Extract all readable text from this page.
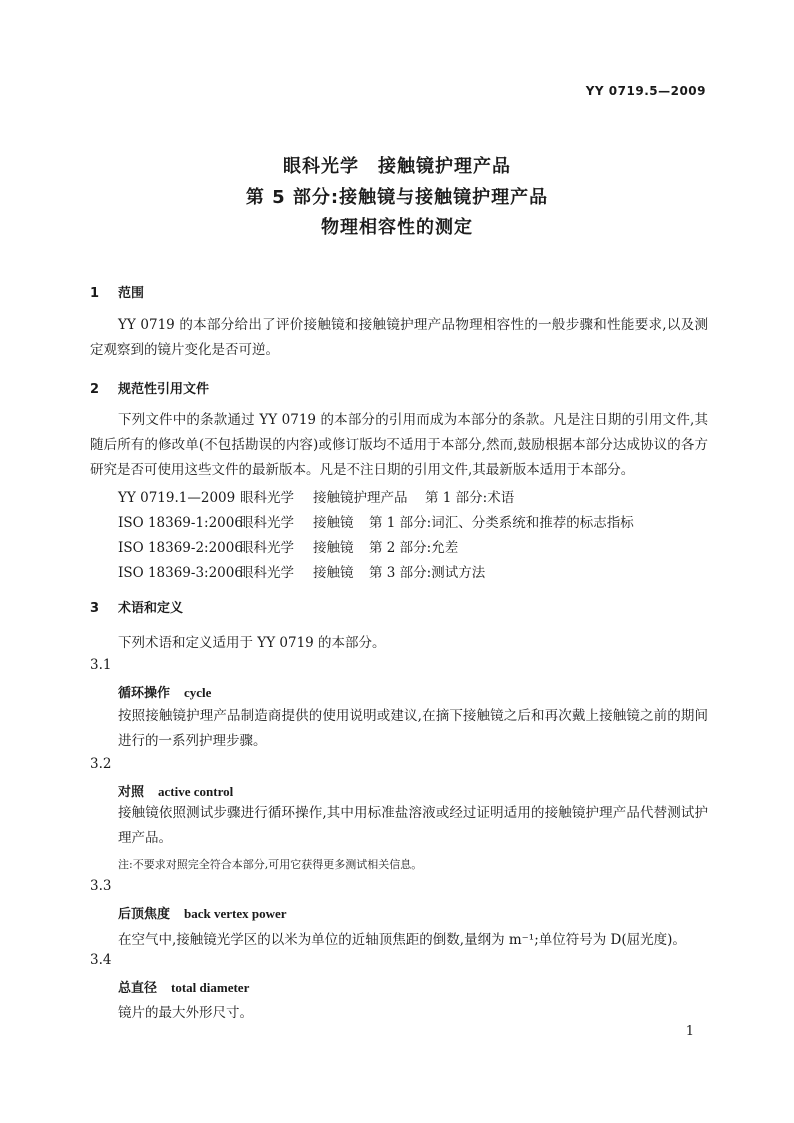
YY 0719.5—2009
眼科光学　接触镜护理产品
第 5 部分:接触镜与接触镜护理产品
物理相容性的测定
1 范围
YY 0719 的本部分给出了评价接触镜和接触镜护理产品物理相容性的一般步骤和性能要求,以及测定观察到的镜片变化是否可逆。
2 规范性引用文件
下列文件中的条款通过 YY 0719 的本部分的引用而成为本部分的条款。凡是注日期的引用文件,其随后所有的修改单(不包括勘误的内容)或修订版均不适用于本部分,然而,鼓励根据本部分达成协议的各方研究是否可使用这些文件的最新版本。凡是不注日期的引用文件,其最新版本适用于本部分。
YY 0719.1—2009 眼科光学 接触镜护理产品 第 1 部分:术语
ISO 18369-1:2006眼科光学 接触镜 第 1 部分:词汇、分类系统和推荐的标志指标
ISO 18369-2:2006眼科光学 接触镜 第 2 部分:允差
ISO 18369-3:2006眼科光学 接触镜 第 3 部分:测试方法
3 术语和定义
下列术语和定义适用于 YY 0719 的本部分。
3.1
循环操作 cycle
按照接触镜护理产品制造商提供的使用说明或建议,在摘下接触镜之后和再次戴上接触镜之前的期间进行的一系列护理步骤。
3.2
对照 active control
接触镜依照测试步骤进行循环操作,其中用标准盐溶液或经过证明适用的接触镜护理产品代替测试护理产品。
注:不要求对照完全符合本部分,可用它获得更多测试相关信息。
3.3
后顶焦度 back vertex power
在空气中,接触镜光学区的以米为单位的近轴顶焦距的倒数,量纲为 m⁻¹;单位符号为 D(屈光度)。
3.4
总直径 total diameter
镜片的最大外形尺寸。
1
